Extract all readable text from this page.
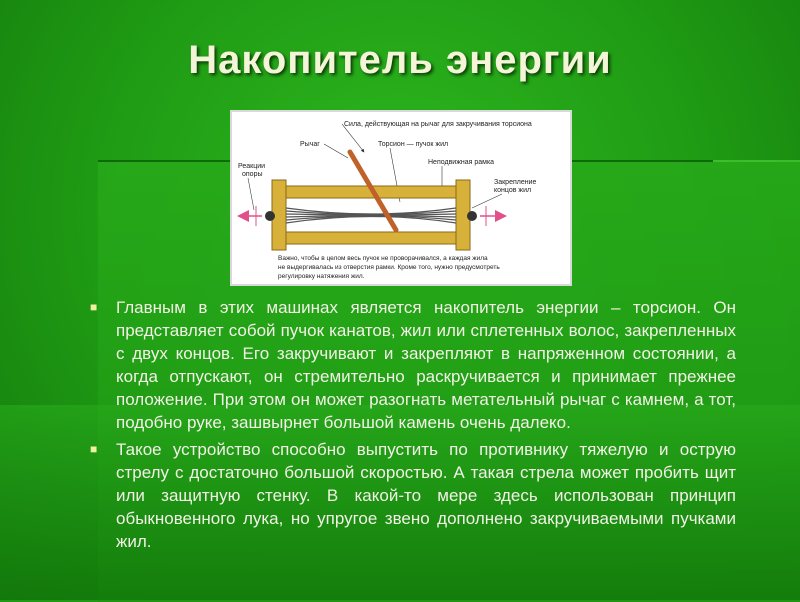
Накопитель энергии
Сила, действующая на рычаг для закручивания торсиона
Рычаг	Торсион — пучок жил
Неподвижная рамка
Реакции
опоры
Закрепление
концов жил
Важно, чтобы в целом весь пучок не проворачивался, а каждая жила
не выдергивалась из отверстия рамки. Кроме того, нужно предусмотреть
регулировку натяжения жил.
■ Главным в этих машинах является накопитель энергии – торсион. Он представляет собой пучок канатов, жил или сплетенных волос, закрепленных с двух концов. Его закручивают и закрепляют в напряженном состоянии, а когда отпускают, он стремительно раскручивается и принимает прежнее положение. При этом он может разогнать метательный рычаг с камнем, а тот, подобно руке, зашвырнет большой камень очень далеко.
■ Такое устройство способно выпустить по противнику тяжелую и острую стрелу с достаточно большой скоростью. А такая стрела может пробить щит или защитную стенку. В какой-то мере здесь использован принцип обыкновенного лука, но упругое звено дополнено закручиваемыми пучками жил.
